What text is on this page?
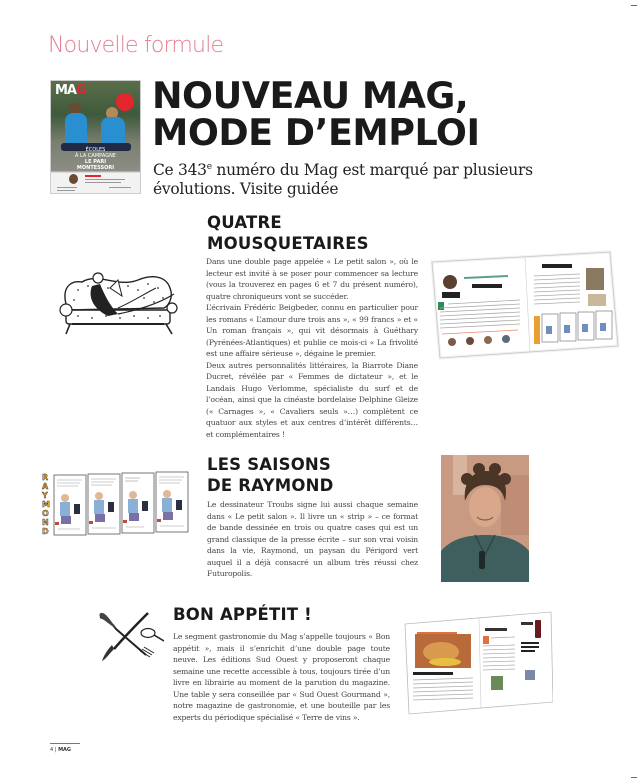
Nouvelle formule
MAG
ÉCOLES
À LA CAMPAGNE
LE PARI
MONTESSORI
NOUVEAU MAG,
MODE D’EMPLOI
Ce 343e numéro du Mag est marqué par plusieurs évolutions. Visite guidée
QUATRE
MOUSQUETAIRES

Dans une double page appelée « Le petit salon », où le lecteur est invité à se poser pour commencer sa lecture (vous la trouverez en pages 6 et 7 du présent numéro), quatre chroniqueurs vont se succéder.

L’écrivain Frédéric Beigbeder, connu en particulier pour les romans « L’amour dure trois ans », « 99 francs » et « Un roman français », qui vit désormais à Guéthary (Pyrénées-Atlantiques) et publie ce mois-ci « La frivolité est une affaire sérieuse », dégaine le premier.

Deux autres personnalités littéraires, la Biarrote Diane Ducret, révélée par « Femmes de dictateur », et le Landais Hugo Verlomme, spécialiste du surf et de l’océan, ainsi que la cinéaste bordelaise Delphine Gleize (« Carnages », « Cavaliers seuls »…) complètent ce quatuor aux styles et aux centres d’intérêt différents… et complémentaires !

R
A
Y
M
O
N
D
LES SAISONS
DE RAYMOND

Le dessinateur Troubs signe lui aussi chaque semaine dans « Le petit salon ». Il livre un « strip » – ce format de bande dessinée en trois ou quatre cases qui est un grand classique de la presse écrite – sur son vrai voisin dans la vie, Raymond, un paysan du Périgord vert auquel il a déjà consacré un album très réussi chez Futuropolis.

BON APPÉTIT !

Le segment gastronomie du Mag s’appelle toujours « Bon appétit », mais il s’enrichit d’une double page toute neuve. Les éditions Sud Ouest y proposeront chaque semaine une recette accessible à tous, toujours tirée d’un livre en librairie au moment de la parution du magazine. Une table y sera conseillée par « Sud Ouest Gourmand », notre magazine de gastronomie, et une bouteille par les experts du périodique spécialisé « Terre de vins ».

4 | MAG
